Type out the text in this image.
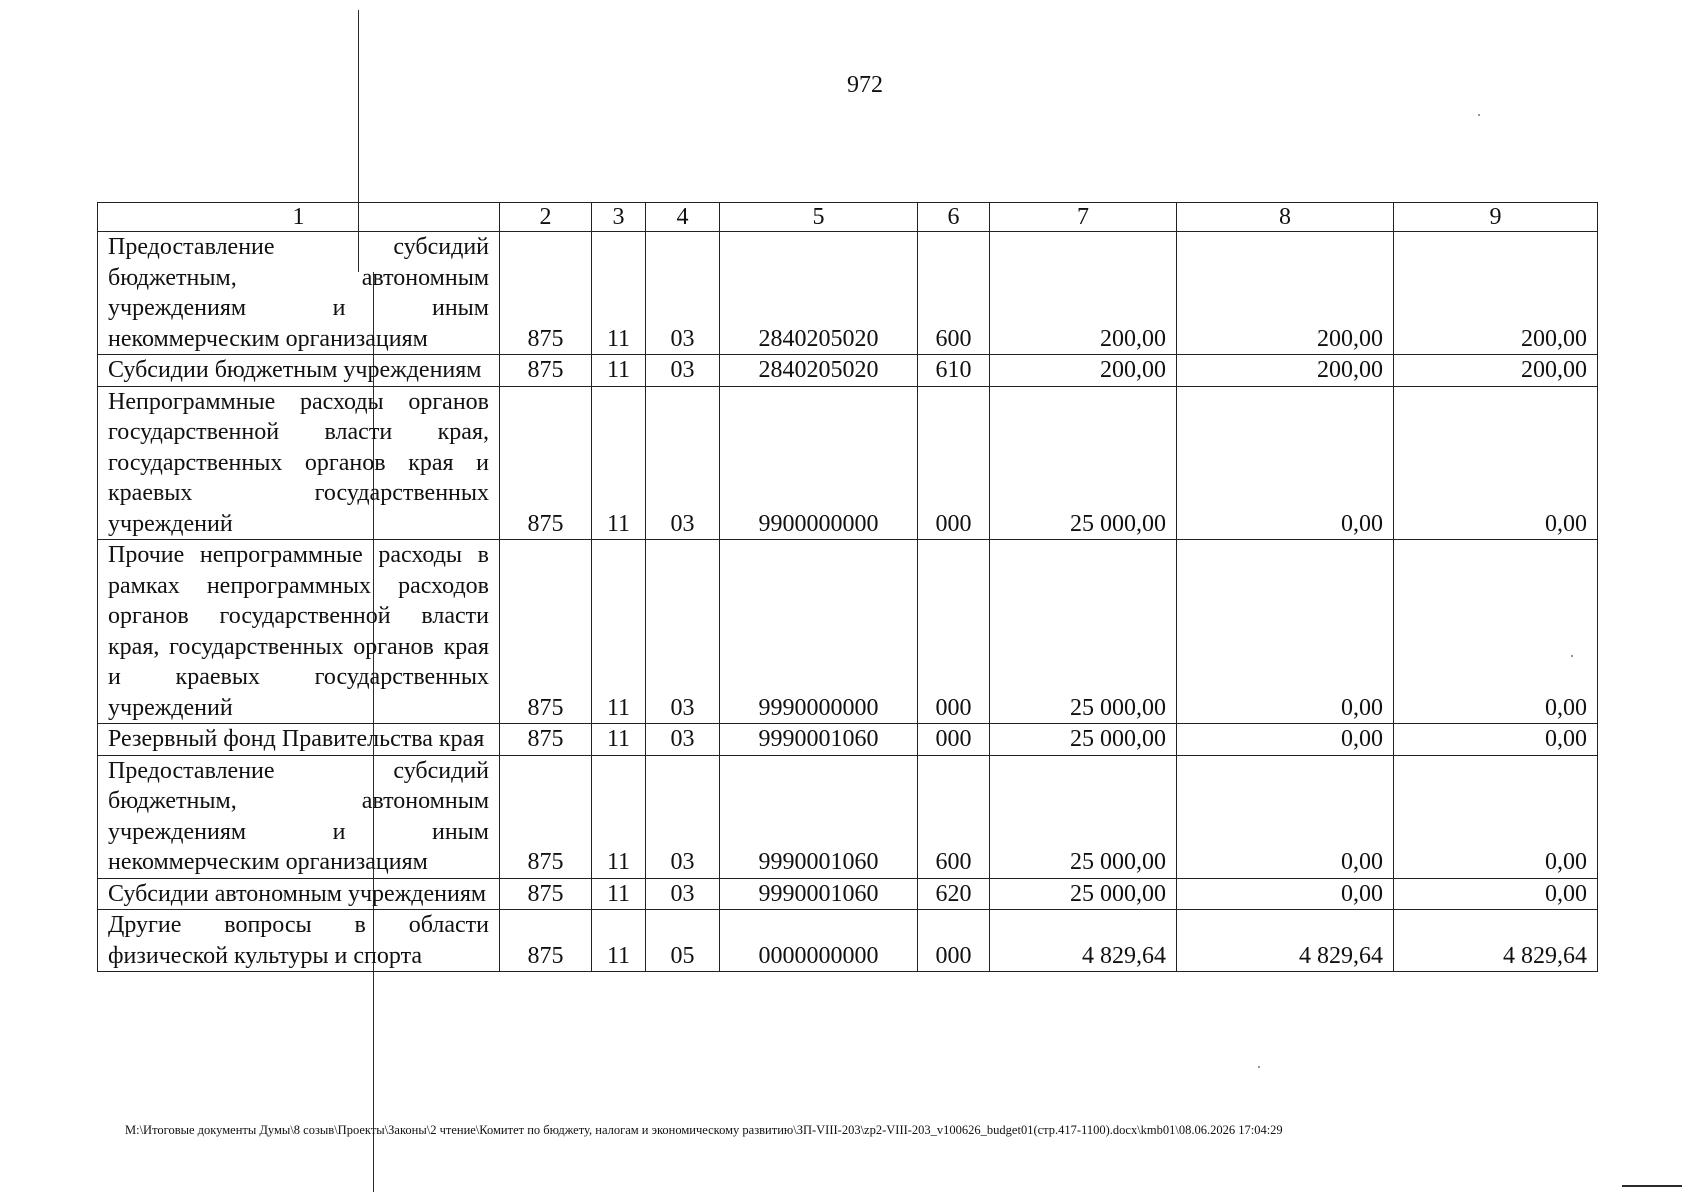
972
1	2	3	4	5	6	7	8	9
Предоставление субсидий бюджетным, автономным учреждениям и иным некоммерческим организациям	875	11	03	2840205020	600	200,00	200,00	200,00
Субсидии бюджетным учреждениям	875	11	03	2840205020	610	200,00	200,00	200,00
Непрограммные расходы органов государственной власти края, государственных органов края и краевых государственных учреждений	875	11	03	9900000000	000	25 000,00	0,00	0,00
Прочие непрограммные расходы в рамках непрограммных расходов органов государственной власти края, государственных органов края и краевых государственных учреждений	875	11	03	9990000000	000	25 000,00	0,00	0,00
Резервный фонд Правительства края	875	11	03	9990001060	000	25 000,00	0,00	0,00
Предоставление субсидий бюджетным, автономным учреждениям и иным некоммерческим организациям	875	11	03	9990001060	600	25 000,00	0,00	0,00
Субсидии автономным учреждениям	875	11	03	9990001060	620	25 000,00	0,00	0,00
Другие вопросы в области физической культуры и спорта	875	11	05	0000000000	000	4 829,64	4 829,64	4 829,64
M:\Итоговые документы Думы\8 созыв\Проекты\Законы\2 чтение\Комитет по бюджету, налогам и экономическому развитию\ЗП-VIII-203\zp2-VIII-203_v100626_budget01(стр.417-1100).docx\kmb01\08.06.2026 17:04:29
